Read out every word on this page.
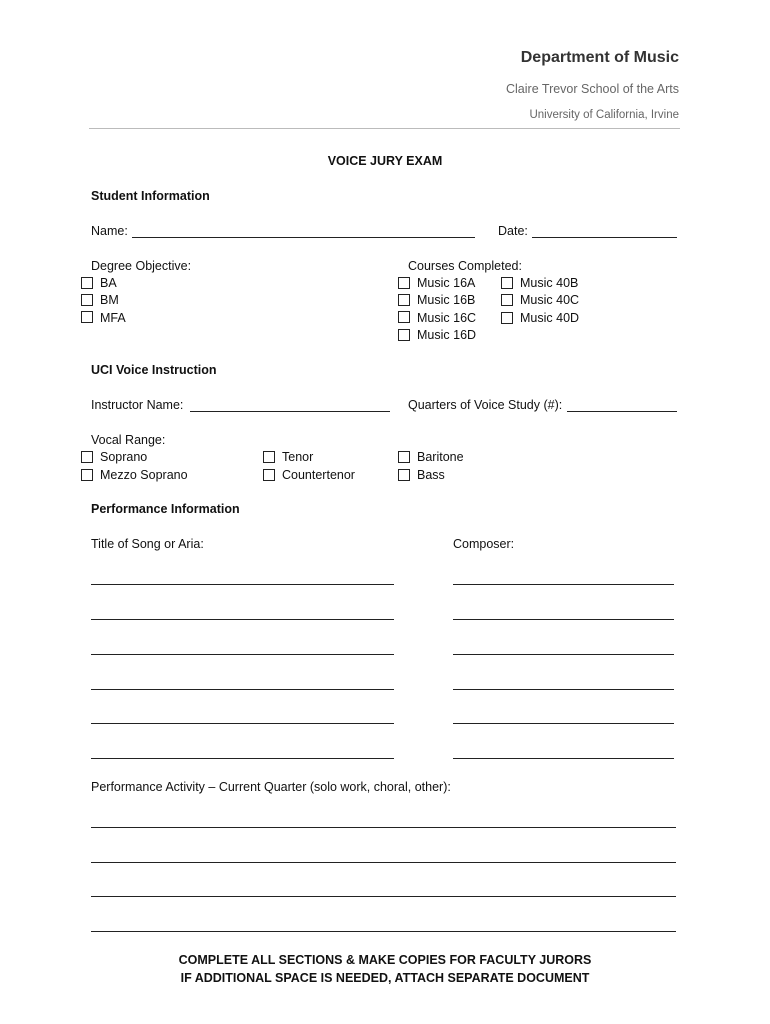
Department of Music
Claire Trevor School of the Arts
University of California, Irvine
VOICE JURY EXAM
Student Information
Name:	Date:
Degree Objective:
BA
BM
MFA
Courses Completed:
Music 16A
Music 16B
Music 16C
Music 16D
Music 40B
Music 40C
Music 40D
UCI Voice Instruction
Instructor Name:	Quarters of Voice Study (#):
Vocal Range:
Soprano
Mezzo Soprano
Tenor
Countertenor
Baritone
Bass
Performance Information
Title of Song or Aria:	Composer:
Performance Activity – Current Quarter (solo work, choral, other):
COMPLETE ALL SECTIONS & MAKE COPIES FOR FACULTY JURORS
IF ADDITIONAL SPACE IS NEEDED, ATTACH SEPARATE DOCUMENT
